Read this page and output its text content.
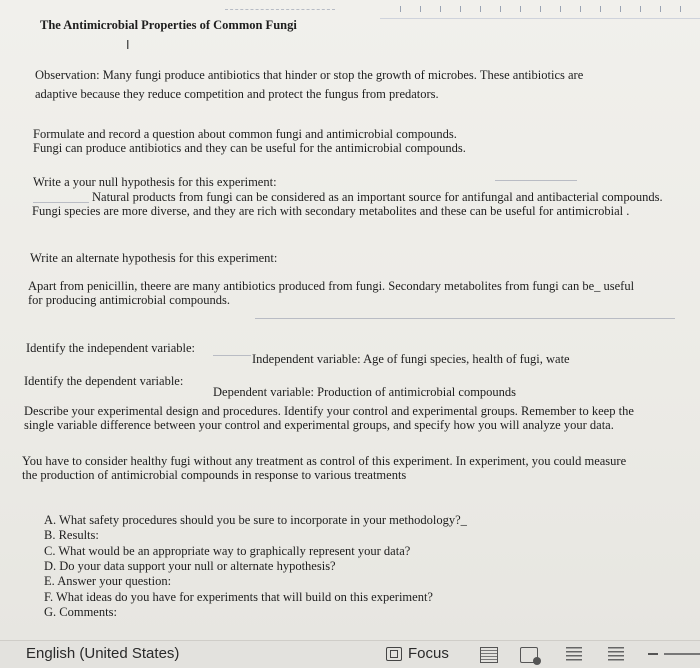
The Antimicrobial Properties of Common Fungi
I
Observation: Many fungi produce antibiotics that hinder or stop the growth of microbes. These antibiotics are
adaptive because they reduce competition and protect the fungus from predators.
Formulate and record a question about common fungi and antimicrobial compounds.
Fungi can produce antibiotics and they can be useful for the antimicrobial compounds.
Write a your null hypothesis for this experiment:
Natural products from fungi can be considered as an important source for antifungal and antibacterial compounds.
Fungi species are more diverse, and they are rich with secondary metabolites and these can be useful for antimicrobial .
Write an alternate hypothesis for this experiment:
Apart from penicillin, theere are many antibiotics produced from fungi. Secondary metabolites from fungi can be_ useful
for producing antimicrobial compounds.
Identify the independent variable:
Independent variable: Age of fungi species, health of fugi, wate
Identify the dependent variable:
Dependent variable: Production of antimicrobial compounds
Describe your experimental design and procedures. Identify your control and experimental groups. Remember to keep the
single variable difference between your control and experimental groups, and specify how you will analyze your data.
You have to consider healthy fugi without any treatment as control of this experiment. In experiment, you could measure
the production of antimicrobial compounds in response to various treatments
A. What safety procedures should you be sure to incorporate in your methodology?_
B. Results:
C. What would be an appropriate way to graphically represent your data?
D. Do your data support your null or alternate hypothesis?
E. Answer your question:
F. What ideas do you have for experiments that will build on this experiment?
G. Comments:
English (United States)	Focus
